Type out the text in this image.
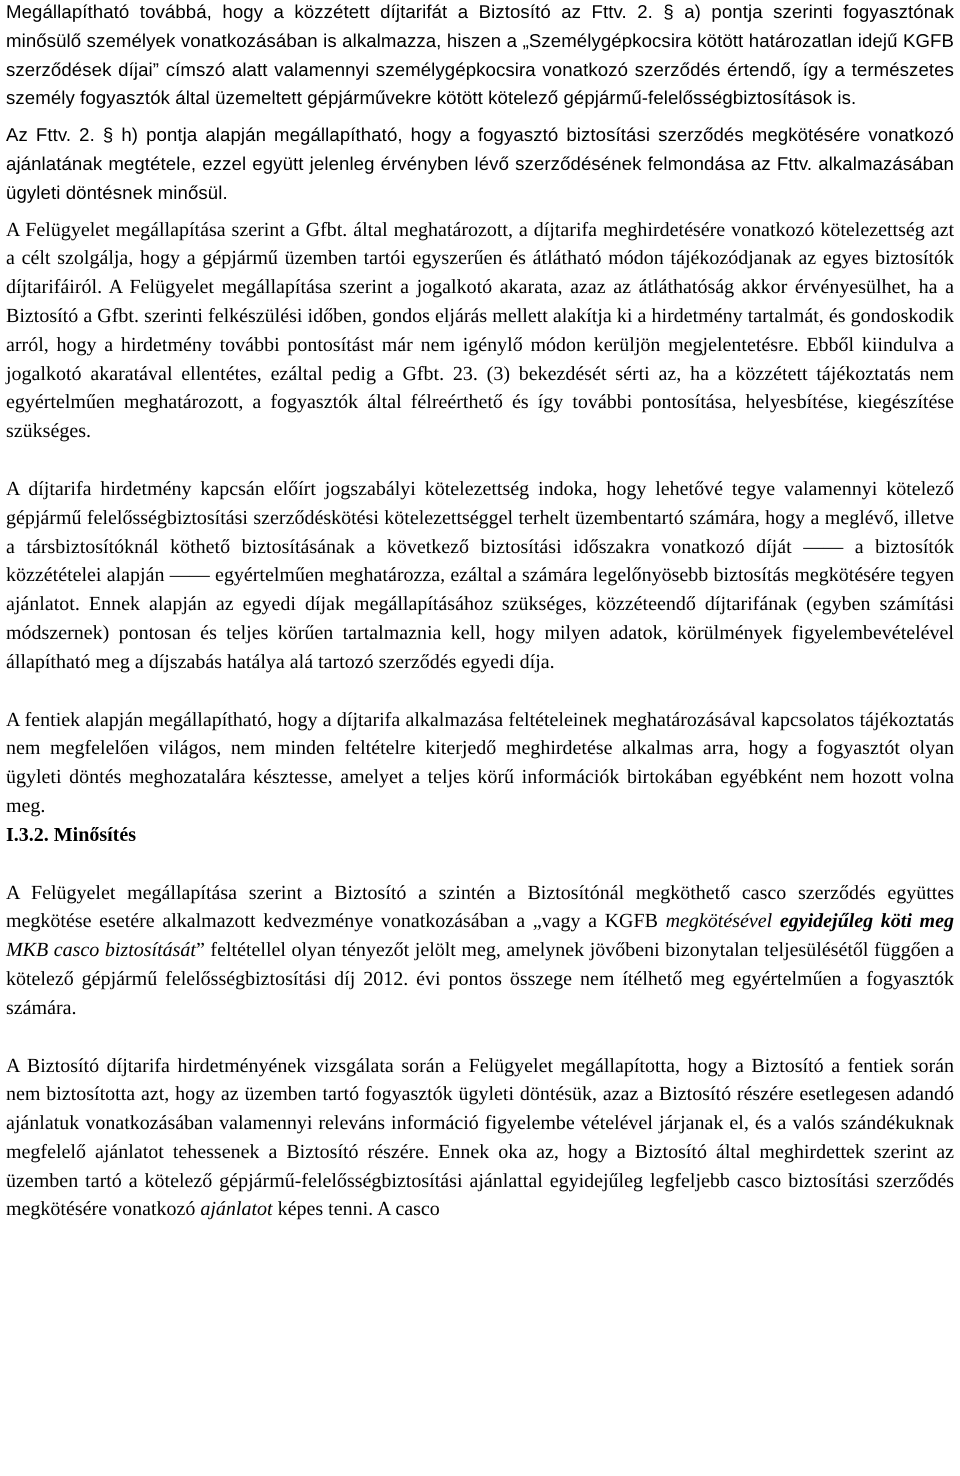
Megállapítható továbbá, hogy a közzétett díjtarifát a Biztosító az Fttv. 2. § a) pontja szerinti fogyasztónak minősülő személyek vonatkozásában is alkalmazza, hiszen a „Személygépkocsira kötött határozatlan idejű KGFB szerződések díjai” címszó alatt valamennyi személygépkocsira vonatkozó szerződés értendő, így a természetes személy fogyasztók által üzemeltett gépjárművekre kötött kötelező gépjármű-felelősségbiztosítások is.

Az Fttv. 2. § h) pontja alapján megállapítható, hogy a fogyasztó biztosítási szerződés megkötésére vonatkozó ajánlatának megtétele, ezzel együtt jelenleg érvényben lévő szerződésének felmondása az Fttv. alkalmazásában ügyleti döntésnek minősül.

A Felügyelet megállapítása szerint a Gfbt. által meghatározott, a díjtarifa meghirdetésére vonatkozó kötelezettség azt a célt szolgálja, hogy a gépjármű üzemben tartói egyszerűen és átlátható módon tájékozódjanak az egyes biztosítók díjtarifáiról. A Felügyelet megállapítása szerint a jogalkotó akarata, azaz az átláthatóság akkor érvényesülhet, ha a Biztosító a Gfbt. szerinti felkészülési időben, gondos eljárás mellett alakítja ki a hirdetmény tartalmát, és gondoskodik arról, hogy a hirdetmény további pontosítást már nem igénylő módon kerüljön megjelentetésre. Ebből kiindulva a jogalkotó akaratával ellentétes, ezáltal pedig a Gfbt. 23. (3) bekezdését sérti az, ha a közzétett tájékoztatás nem egyértelműen meghatározott, a fogyasztók által félreérthető és így további pontosítása, helyesbítése, kiegészítése szükséges.

A díjtarifa hirdetmény kapcsán előírt jogszabályi kötelezettség indoka, hogy lehetővé tegye valamennyi kötelező gépjármű felelősségbiztosítási szerződéskötési kötelezettséggel terhelt üzembentartó számára, hogy a meglévő, illetve a társbiztosítóknál köthető biztosításának a következő biztosítási időszakra vonatkozó díját —— a biztosítók közzétételei alapján —— egyértelműen meghatározza, ezáltal a számára legelőnyösebb biztosítás megkötésére tegyen ajánlatot. Ennek alapján az egyedi díjak megállapításához szükséges, közzéteendő díjtarifának (egyben számítási módszernek) pontosan és teljes körűen tartalmaznia kell, hogy milyen adatok, körülmények figyelembevételével állapítható meg a díjszabás hatálya alá tartozó szerződés egyedi díja.

A fentiek alapján megállapítható, hogy a díjtarifa alkalmazása feltételeinek meghatározásával kapcsolatos tájékoztatás nem megfelelően világos, nem minden feltételre kiterjedő meghirdetése alkalmas arra, hogy a fogyasztót olyan ügyleti döntés meghozatalára késztesse, amelyet a teljes körű információk birtokában egyébként nem hozott volna meg.

I.3.2. Minősítés

A Felügyelet megállapítása szerint a Biztosító a szintén a Biztosítónál megköthető casco szerződés együttes megkötése esetére alkalmazott kedvezménye vonatkozásában a „vagy a KGFB megkötésével egyidejűleg köti meg MKB casco biztosítását” feltétellel olyan tényezőt jelölt meg, amelynek jövőbeni bizonytalan teljesülésétől függően a kötelező gépjármű felelősségbiztosítási díj 2012. évi pontos összege nem ítélhető meg egyértelműen a fogyasztók számára.

A Biztosító díjtarifa hirdetményének vizsgálata során a Felügyelet megállapította, hogy a Biztosító a fentiek során nem biztosította azt, hogy az üzemben tartó fogyasztók ügyleti döntésük, azaz a Biztosító részére esetlegesen adandó ajánlatuk vonatkozásában valamennyi releváns információ figyelembe vételével járjanak el, és a valós szándékuknak megfelelő ajánlatot tehessenek a Biztosító részére. Ennek oka az, hogy a Biztosító által meghirdettek szerint az üzemben tartó a kötelező gépjármű-felelősségbiztosítási ajánlattal egyidejűleg legfeljebb casco biztosítási szerződés megkötésére vonatkozó ajánlatot képes tenni. A casco
